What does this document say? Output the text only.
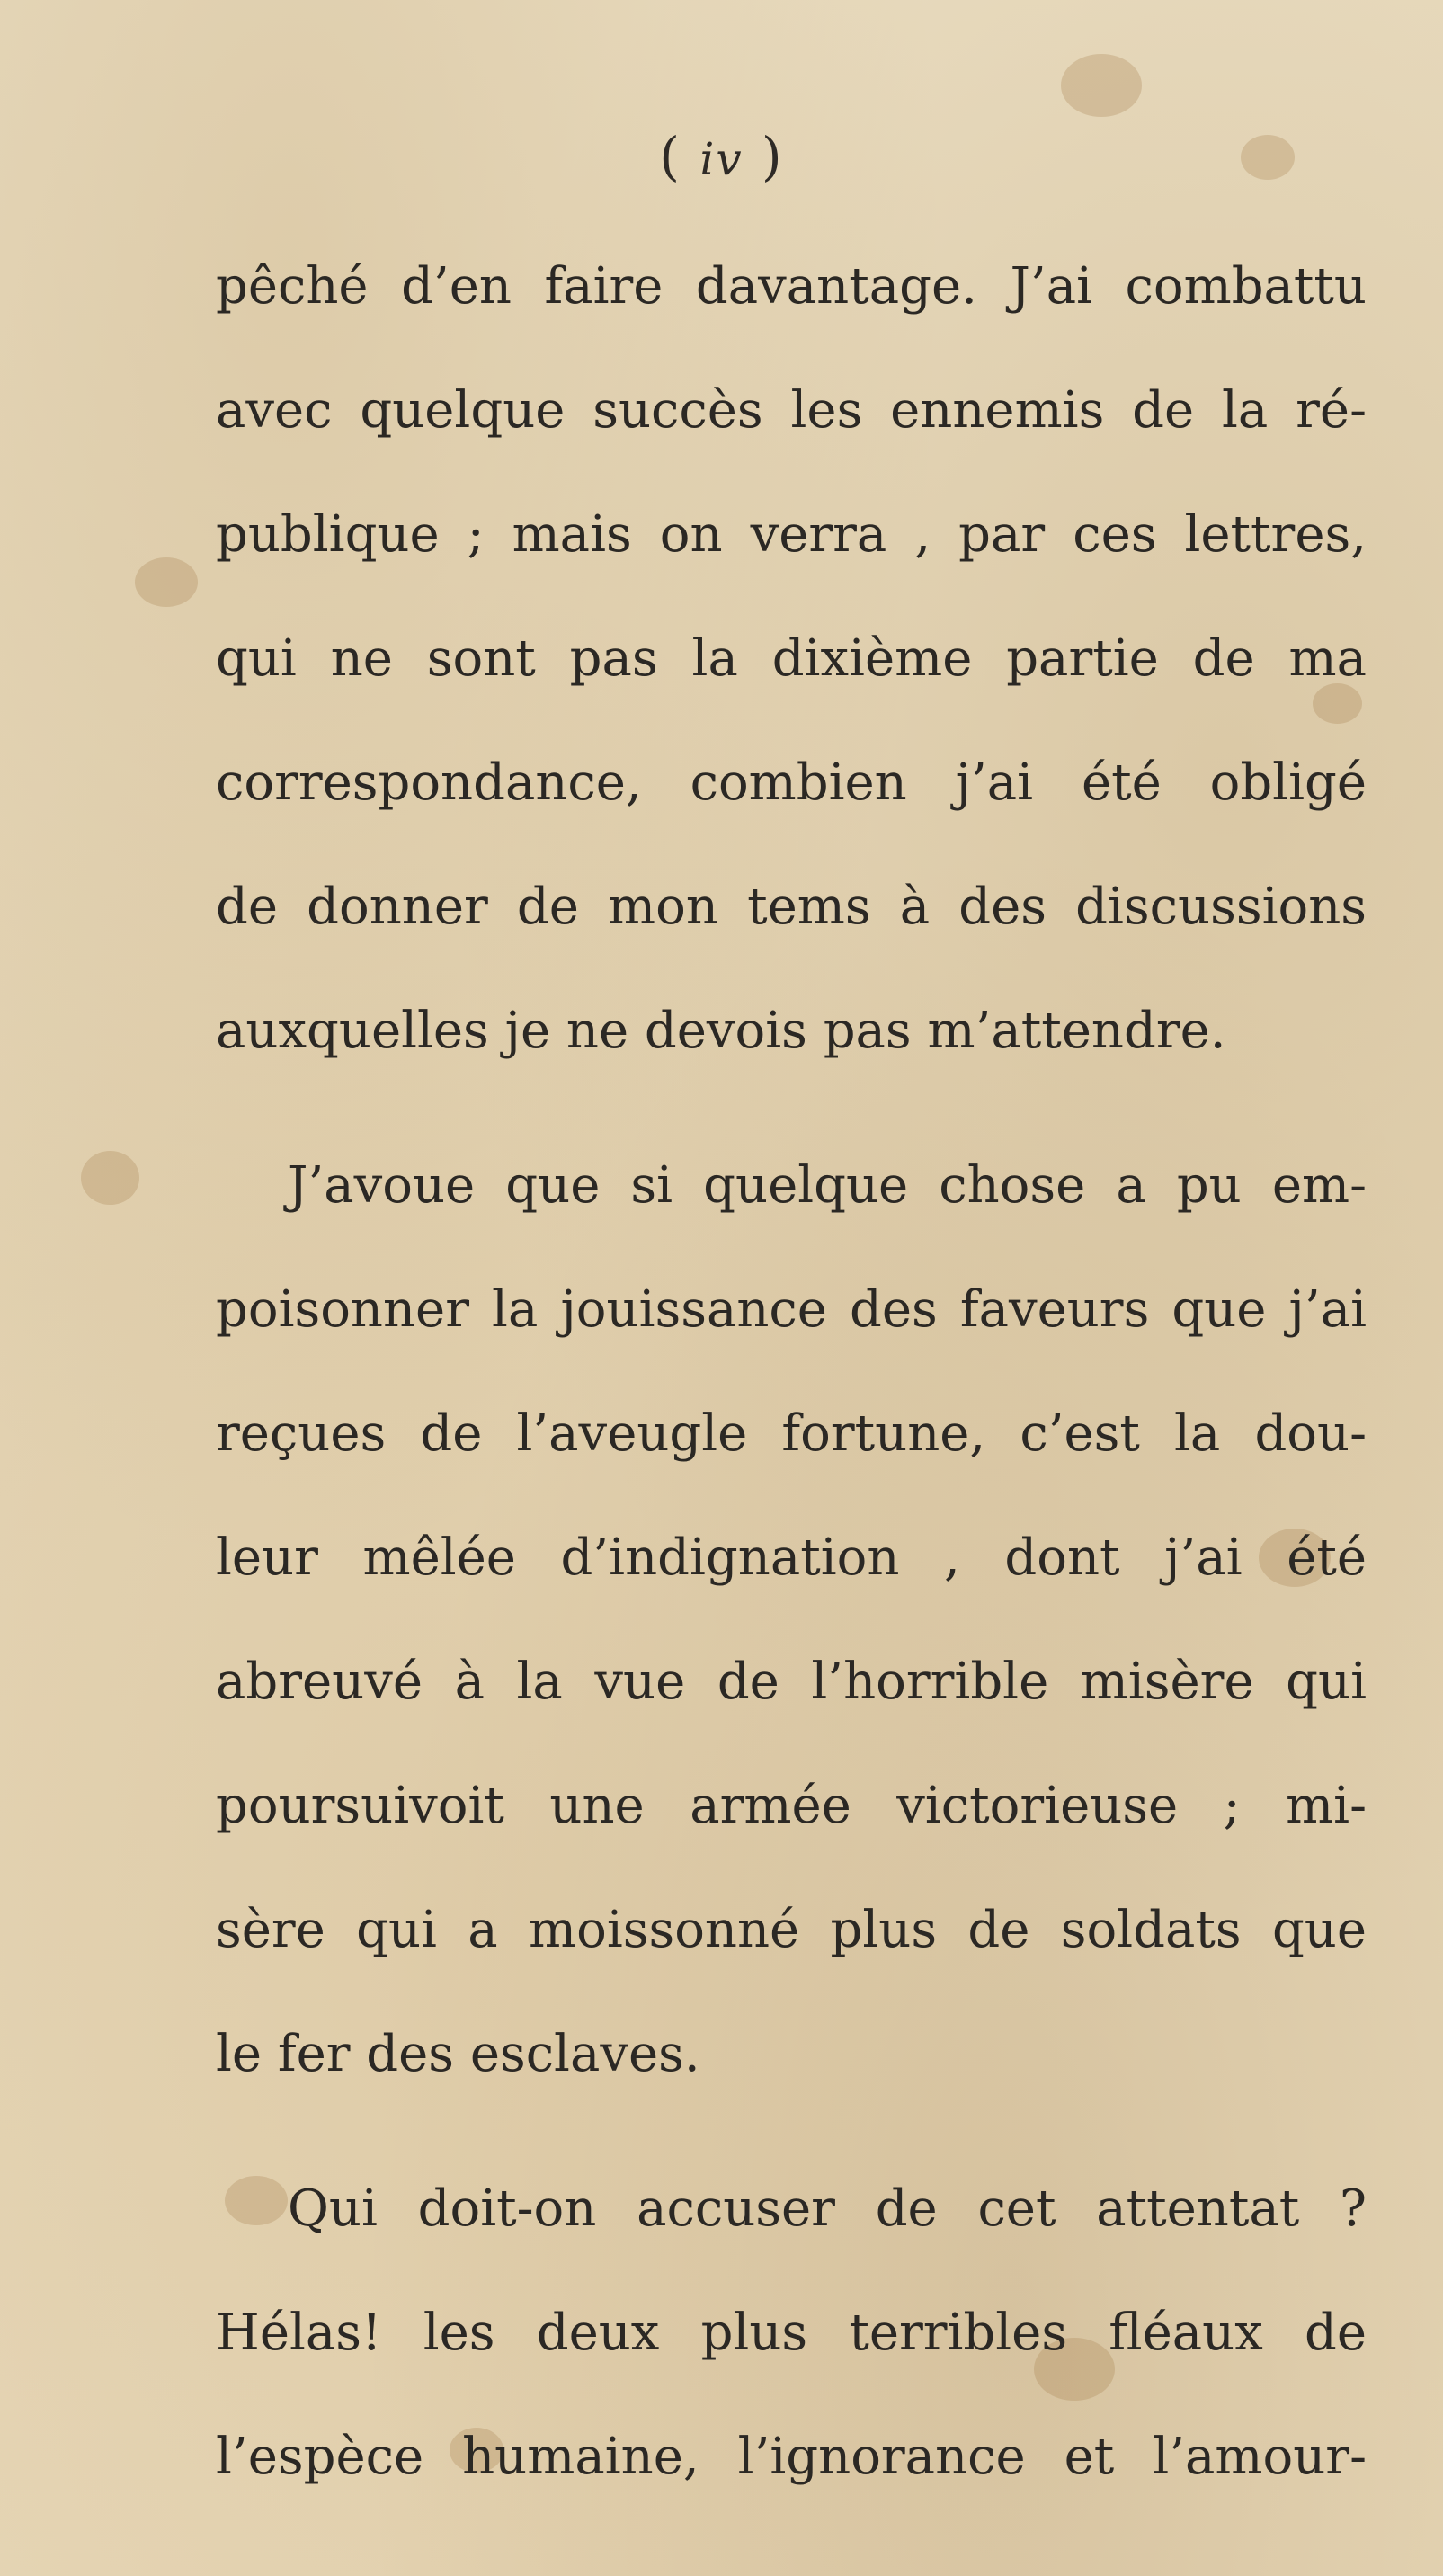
( iv )
pêché d’en faire davantage. J’ai combattu
avec quelque succès les ennemis de la ré-
publique ; mais on verra , par ces lettres,
qui ne sont pas la dixième partie de ma
correspondance, combien j’ai été obligé
de donner de mon tems à des discussions
auxquelles je ne devois pas m’attendre.
J’avoue que si quelque chose a pu em-
poisonner la jouissance des faveurs que j’ai
reçues de l’aveugle fortune, c’est la dou-
leur mêlée d’indignation , dont j’ai été
abreuvé à la vue de l’horrible misère qui
poursuivoit une armée victorieuse ; mi-
sère qui a moissonné plus de soldats que
le fer des esclaves.
Qui doit-on accuser de cet attentat ?
Hélas! les deux plus terribles fléaux de
l’espèce humaine, l’ignorance et l’amour-
